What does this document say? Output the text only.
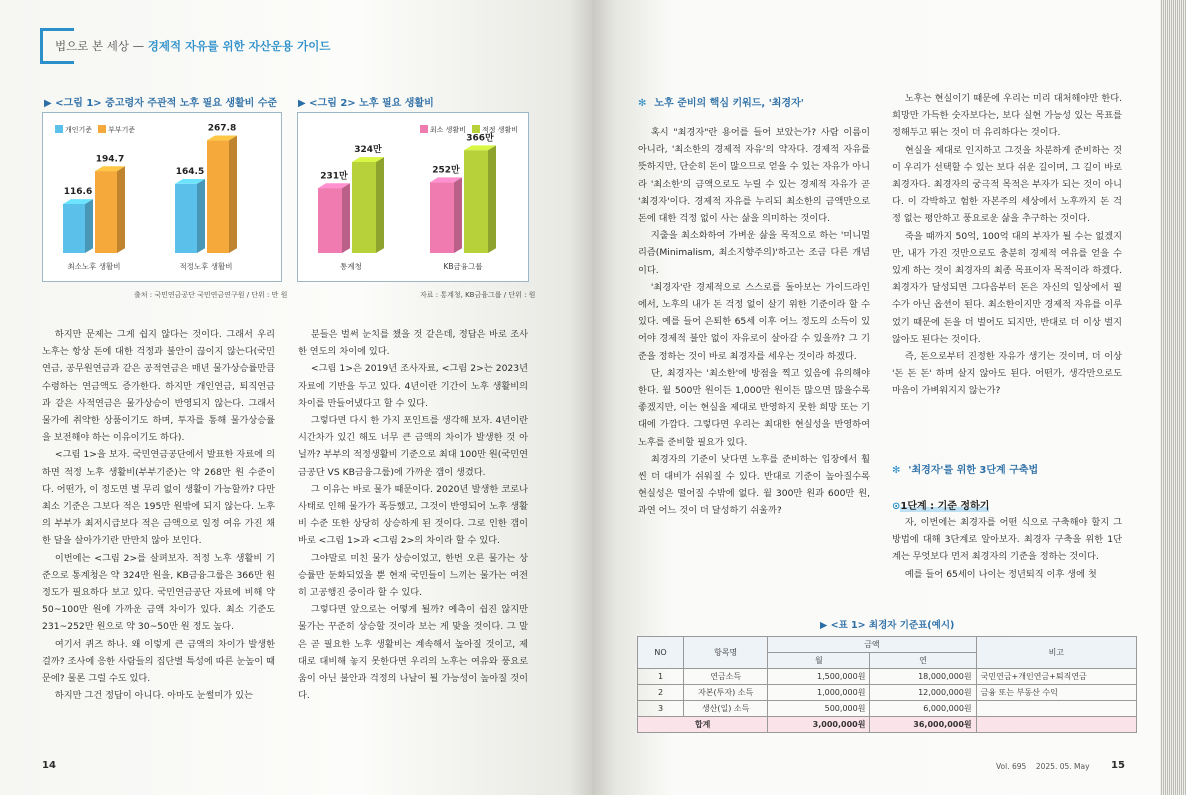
법으로 본 세상 — 경제적 자유를 위한 자산운용 가이드
▶ <그림 1> 중고령자 주관적 노후 필요 생활비 수준
개인기준	부부기준
116.6
194.7
최소노후 생활비
164.5
267.8
적정노후 생활비
출처 : 국민연금공단 국민연금연구원 / 단위 : 만 원
▶ <그림 2> 노후 필요 생활비
최소 생활비	적정 생활비
231만
324만
통계청
252만
366만
KB금융그룹
자료 : 통계청, KB금융그룹 / 단위 : 원

하지만 문제는 그게 쉽지 않다는 것이다. 그래서 우리 노후는 항상 돈에 대한 걱정과 불안이 끊이지 않는다(국민연금, 공무원연금과 같은 공적연금은 매년 물가상승률만큼 수령하는 연금액도 증가한다. 하지만 개인연금, 퇴직연금과 같은 사적연금은 물가상승이 반영되지 않는다. 그래서 물가에 취약한 상품이기도 하며, 투자를 통해 물가상승률을 보전해야 하는 이유이기도 하다).

<그림 1>을 보자. 국민연금공단에서 발표한 자료에 의하면 적정 노후 생활비(부부기준)는 약 268만 원 수준이다. 어떤가, 이 정도면 별 무리 없이 생활이 가능할까? 다만 최소 기준은 그보다 적은 195만 원밖에 되지 않는다. 노후의 부부가 최저시급보다 적은 금액으로 일정 여유 가진 채 한 달을 살아가기란 만만치 않아 보인다.

이번에는 <그림 2>를 살펴보자. 적정 노후 생활비 기준으로 통계청은 약 324만 원을, KB금융그룹은 366만 원 정도가 필요하다 보고 있다. 국민연금공단 자료에 비해 약 50~100만 원에 가까운 금액 차이가 있다. 최소 기준도 231~252만 원으로 약 30~50만 원 정도 높다.

여기서 퀴즈 하나. 왜 이렇게 큰 금액의 차이가 발생한 걸까? 조사에 응한 사람들의 집단별 특성에 따른 눈높이 때문에? 물론 그럴 수도 있다.

하지만 그건 정답이 아니다. 아마도 눈썰미가 있는

분들은 벌써 눈치를 챘을 것 같은데, 정답은 바로 조사한 연도의 차이에 있다.

<그림 1>은 2019년 조사자료, <그림 2>는 2023년 자료에 기반을 두고 있다. 4년이란 기간이 노후 생활비의 차이를 만들어냈다고 할 수 있다.

그렇다면 다시 한 가지 포인트를 생각해 보자. 4년이란 시간차가 있긴 해도 너무 큰 금액의 차이가 발생한 것 아닐까? 부부의 적정생활비 기준으로 최대 100만 원(국민연금공단 VS KB금융그룹)에 가까운 갭이 생겼다.

그 이유는 바로 물가 때문이다. 2020년 발생한 코로나 사태로 인해 물가가 폭등했고, 그것이 반영되어 노후 생활비 수준 또한 상당히 상승하게 된 것이다. 그로 인한 갭이 바로 <그림 1>과 <그림 2>의 차이라 할 수 있다.

그야말로 미친 물가 상승이었고, 한번 오른 물가는 상승률만 둔화되었을 뿐 현재 국민들이 느끼는 물가는 여전히 고공행진 중이라 할 수 있다.

그렇다면 앞으로는 어떻게 될까? 예측이 쉽진 않지만 물가는 꾸준히 상승할 것이라 보는 게 맞을 것이다. 그 말은 곧 필요한 노후 생활비는 계속해서 높아질 것이고, 제대로 대비해 놓지 못한다면 우리의 노후는 여유와 풍요로움이 아닌 불안과 걱정의 나날이 될 가능성이 높아질 것이다.

14
✻ 노후 준비의 핵심 키워드, '최경자'

혹시 "최경자"란 용어를 들어 보았는가? 사람 이름이 아니라, '최소한의 경제적 자유'의 약자다. 경제적 자유를 뜻하지만, 단순히 돈이 많으므로 얻을 수 있는 자유가 아니라 '최소한'의 금액으로도 누릴 수 있는 경제적 자유가 곧 '최경자'이다. 경제적 자유를 누리되 최소한의 금액만으로 돈에 대한 걱정 없이 사는 삶을 의미하는 것이다.

지출을 최소화하여 가벼운 삶을 목적으로 하는 '미니멀리즘(Minimalism, 최소지향주의)'하고는 조금 다른 개념이다.

'최경자'란 경제적으로 스스로를 돌아보는 가이드라인에서, 노후의 내가 돈 걱정 없이 살기 위한 기준이라 할 수 있다. 예를 들어 은퇴한 65세 이후 어느 정도의 소득이 있어야 경제적 불안 없이 자유로이 살아갈 수 있을까? 그 기준을 정하는 것이 바로 최경자를 세우는 것이라 하겠다.

단, 최경자는 '최소한'에 방점을 찍고 있음에 유의해야 한다. 월 500만 원이든 1,000만 원이든 많으면 많을수록 좋겠지만, 이는 현실을 제대로 반영하지 못한 희망 또는 기대에 가깝다. 그렇다면 우리는 최대한 현실성을 반영하여 노후를 준비할 필요가 있다.

최경자의 기준이 낮다면 노후를 준비하는 입장에서 훨씬 더 대비가 쉬워질 수 있다. 반대로 기준이 높아질수록 현실성은 떨어질 수밖에 없다. 월 300만 원과 600만 원, 과연 어느 것이 더 달성하기 쉬울까?

노후는 현실이기 때문에 우리는 미리 대처해야만 한다. 희망만 가득한 숫자보다는, 보다 실현 가능성 있는 목표를 정해두고 뛰는 것이 더 유리하다는 것이다.

현실을 제대로 인지하고 그것을 차분하게 준비하는 것이 우리가 선택할 수 있는 보다 쉬운 길이며, 그 길이 바로 최경자다. 최경자의 궁극적 목적은 부자가 되는 것이 아니다. 이 각박하고 험한 자본주의 세상에서 노후까지 돈 걱정 없는 평안하고 풍요로운 삶을 추구하는 것이다.

죽을 때까지 50억, 100억 대의 부자가 될 수는 없겠지만, 내가 가진 것만으로도 충분히 경제적 여유를 얻을 수 있게 하는 것이 최경자의 최종 목표이자 목적이라 하겠다. 최경자가 달성되면 그다음부터 돈은 자신의 일상에서 필수가 아닌 옵션이 된다. 최소한이지만 경제적 자유를 이루었기 때문에 돈을 더 벌어도 되지만, 반대로 더 이상 벌지 않아도 된다는 것이다.

즉, 돈으로부터 진정한 자유가 생기는 것이며, 더 이상 '돈 돈 돈' 하며 살지 않아도 된다. 어떤가, 생각만으로도 마음이 가벼워지지 않는가?

✻ '최경자'를 위한 3단계 구축법
⊙1단계 : 기준 정하기

자, 이번에는 최경자를 어떤 식으로 구축해야 할지 그 방법에 대해 3단계로 알아보자. 최경자 구축을 위한 1단계는 무엇보다 먼저 최경자의 기준을 정하는 것이다.

예를 들어 65세이 나이는 정년퇴직 이후 생에 첫

▶ <표 1> 최경자 기준표(예시)
NO	항목명	금액		비고
		월	연	
1	연금소득	1,500,000원	18,000,000원	국민연금+개인연금+퇴직연금
2	자본(투자) 소득	1,000,000원	12,000,000원	금융 또는 부동산 수익
3	생산(일) 소득	500,000원	6,000,000원	
합계		3,000,000원	36,000,000원	
Vol. 695 2025. 05. May 15
